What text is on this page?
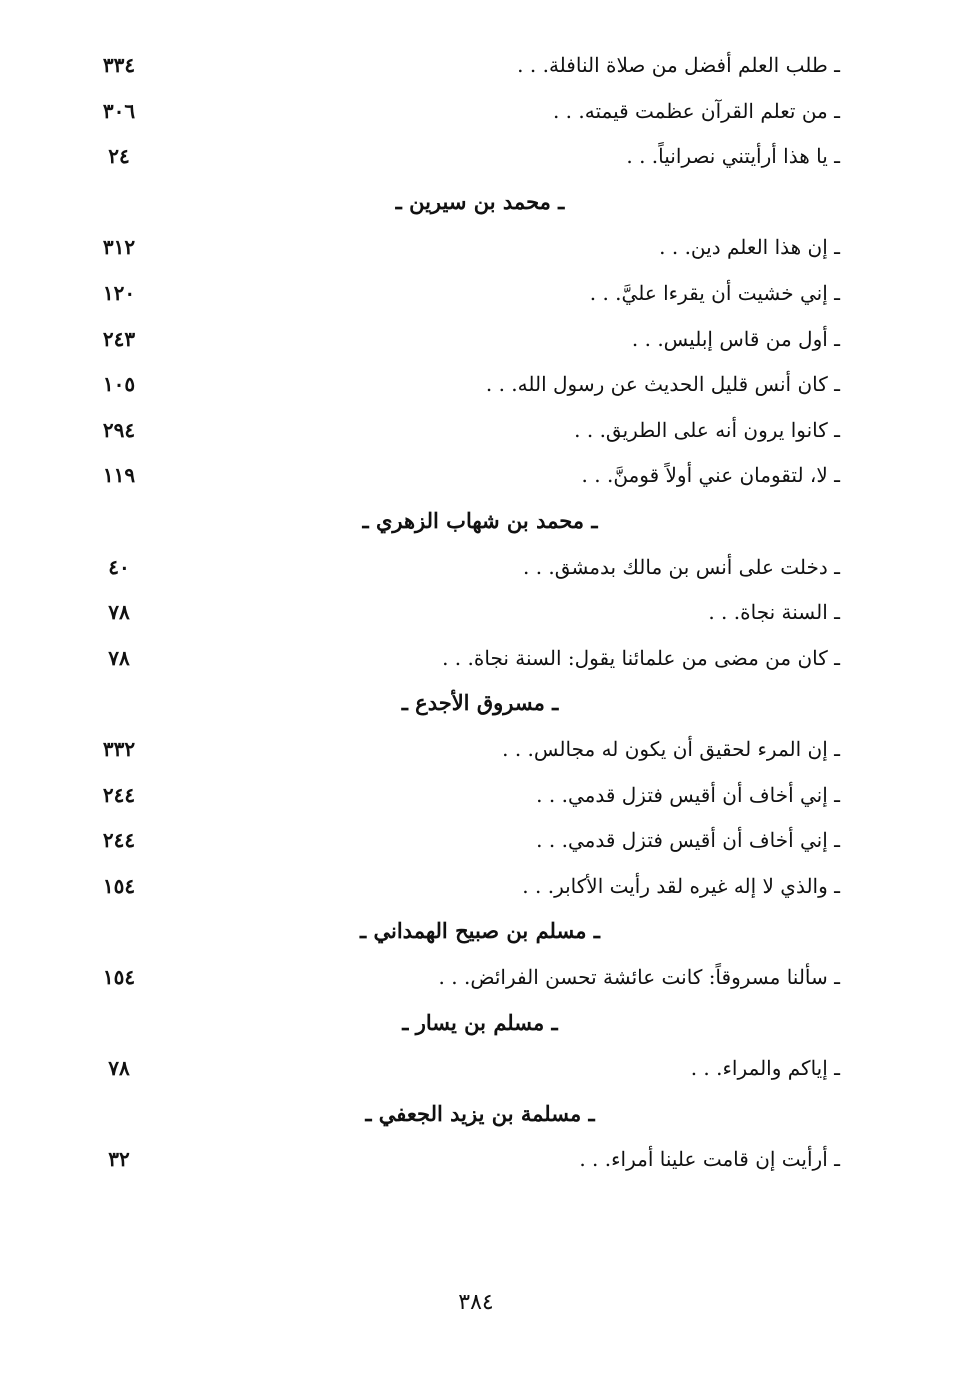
ـ طلب العلم أفضل من صلاة النافلة. . .
٣٣٤
ـ من تعلم القرآن عظمت قيمته. . .
٣٠٦
ـ يا هذا أرأيتني نصرانياً. . .
٢٤
ـ محمد بن سيرين ـ
ـ إن هذا العلم دين. . .
٣١٢
ـ إني خشيت أن يقرءا عليَّ. . .
١٢٠
ـ أول من قاس إبليس. . .
٢٤٣
ـ كان أنس قليل الحديث عن رسول الله. . .
١٠٥
ـ كانوا يرون أنه على الطريق. . .
٢٩٤
ـ لا، لتقومان عني أولاً قومنَّ. . .
١١٩
ـ محمد بن شهاب الزهري ـ
ـ دخلت على أنس بن مالك بدمشق. . .
٤٠
ـ السنة نجاة. . .
٧٨
ـ كان من مضى من علمائنا يقول: السنة نجاة. . .
٧٨
ـ مسروق الأجدع ـ
ـ إن المرء لحقيق أن يكون له مجالس. . .
٣٣٢
ـ إني أخاف أن أقيس فتزل قدمي. . .
٢٤٤
ـ إني أخاف أن أقيس فتزل قدمي. . .
٢٤٤
ـ والذي لا إله غيره لقد رأيت الأكابر. . .
١٥٤
ـ مسلم بن صبيح الهمداني ـ
ـ سألنا مسروقاً: كانت عائشة تحسن الفرائض. . .
١٥٤
ـ مسلم بن يسار ـ
ـ إياكم والمراء. . .
٧٨
ـ مسلمة بن يزيد الجعفي ـ
ـ أرأيت إن قامت علينا أمراء. . .
٣٢
٣٨٤
